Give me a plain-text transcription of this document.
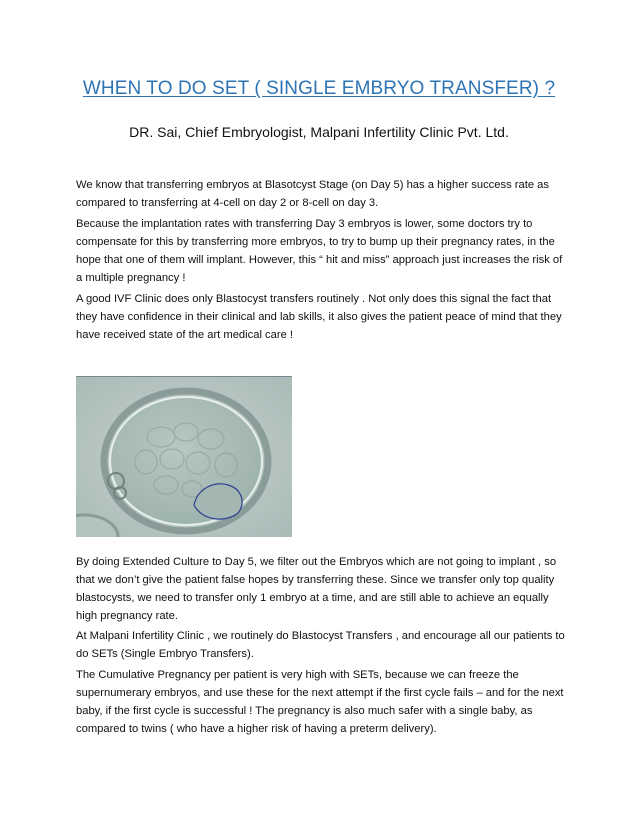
WHEN TO DO SET ( SINGLE EMBRYO TRANSFER) ?
DR. Sai, Chief Embryologist, Malpani Infertility Clinic Pvt. Ltd.

We know that transferring embryos at Blasotcyst Stage (on Day 5) has a higher success rate as compared to transferring at 4-cell on day 2 or 8-cell on day 3.

Because the implantation rates with transferring Day 3 embryos is lower, some doctors try to compensate for this by transferring more embryos, to try to bump up their pregnancy rates, in the hope that one of them will implant. However, this “ hit and miss” approach just increases the risk of a multiple pregnancy !

A good IVF Clinic does only Blastocyst transfers routinely . Not only does this signal the fact that they have confidence in their clinical and lab skills, it also gives the patient peace of mind that they have received state of the art medical care !

By doing Extended Culture to Day 5, we filter out the Embryos which are not going to implant , so that we don’t give the patient false hopes by transferring these. Since we transfer only top quality blastocysts, we need to transfer only 1 embryo at a time, and are still able to achieve an equally high pregnancy rate.

At Malpani Infertility Clinic , we routinely do Blastocyst Transfers , and encourage all our patients to do SETs (Single Embryo Transfers).

The Cumulative Pregnancy per patient is very high with SETs, because we can freeze the supernumerary embryos, and use these for the next attempt if the first cycle fails – and for the next baby, if the first cycle is successful ! The pregnancy is also much safer with a single baby, as compared to twins ( who have a higher risk of having a preterm delivery).
